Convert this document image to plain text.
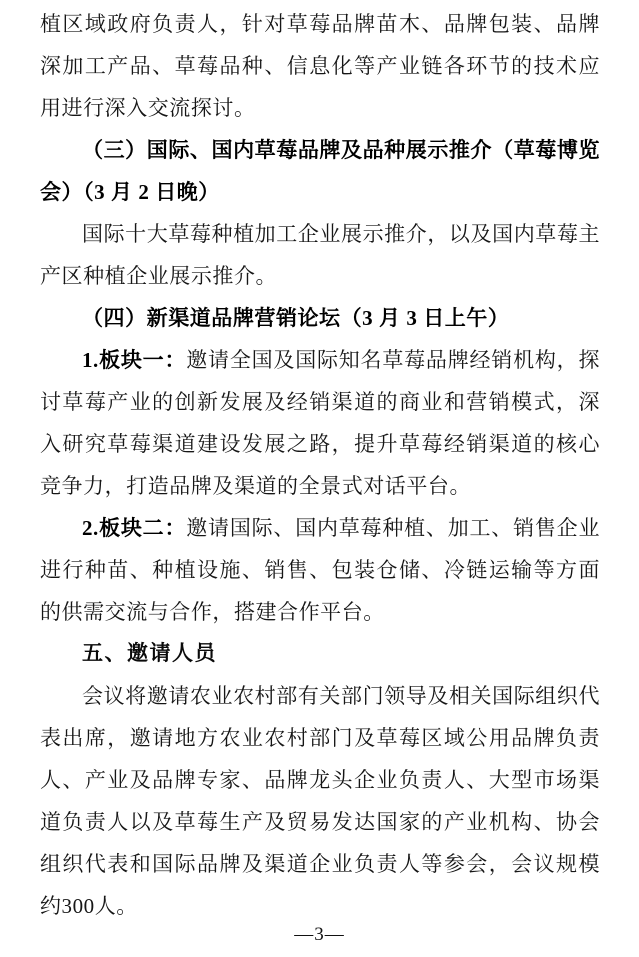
植区域政府负责人，针对草莓品牌苗木、品牌包装、品牌深加工产品、草莓品种、信息化等产业链各环节的技术应用进行深入交流探讨。

（三）国际、国内草莓品牌及品种展示推介（草莓博览会）（3 月 2 日晚）

国际十大草莓种植加工企业展示推介，以及国内草莓主产区种植企业展示推介。

（四）新渠道品牌营销论坛（3 月 3 日上午）

1.板块一：邀请全国及国际知名草莓品牌经销机构，探讨草莓产业的创新发展及经销渠道的商业和营销模式，深入研究草莓渠道建设发展之路，提升草莓经销渠道的核心竞争力，打造品牌及渠道的全景式对话平台。

2.板块二：邀请国际、国内草莓种植、加工、销售企业进行种苗、种植设施、销售、包装仓储、冷链运输等方面的供需交流与合作，搭建合作平台。

五、邀请人员

会议将邀请农业农村部有关部门领导及相关国际组织代表出席，邀请地方农业农村部门及草莓区域公用品牌负责人、产业及品牌专家、品牌龙头企业负责人、大型市场渠道负责人以及草莓生产及贸易发达国家的产业机构、协会组织代表和国际品牌及渠道企业负责人等参会，会议规模约300人。

—3—
